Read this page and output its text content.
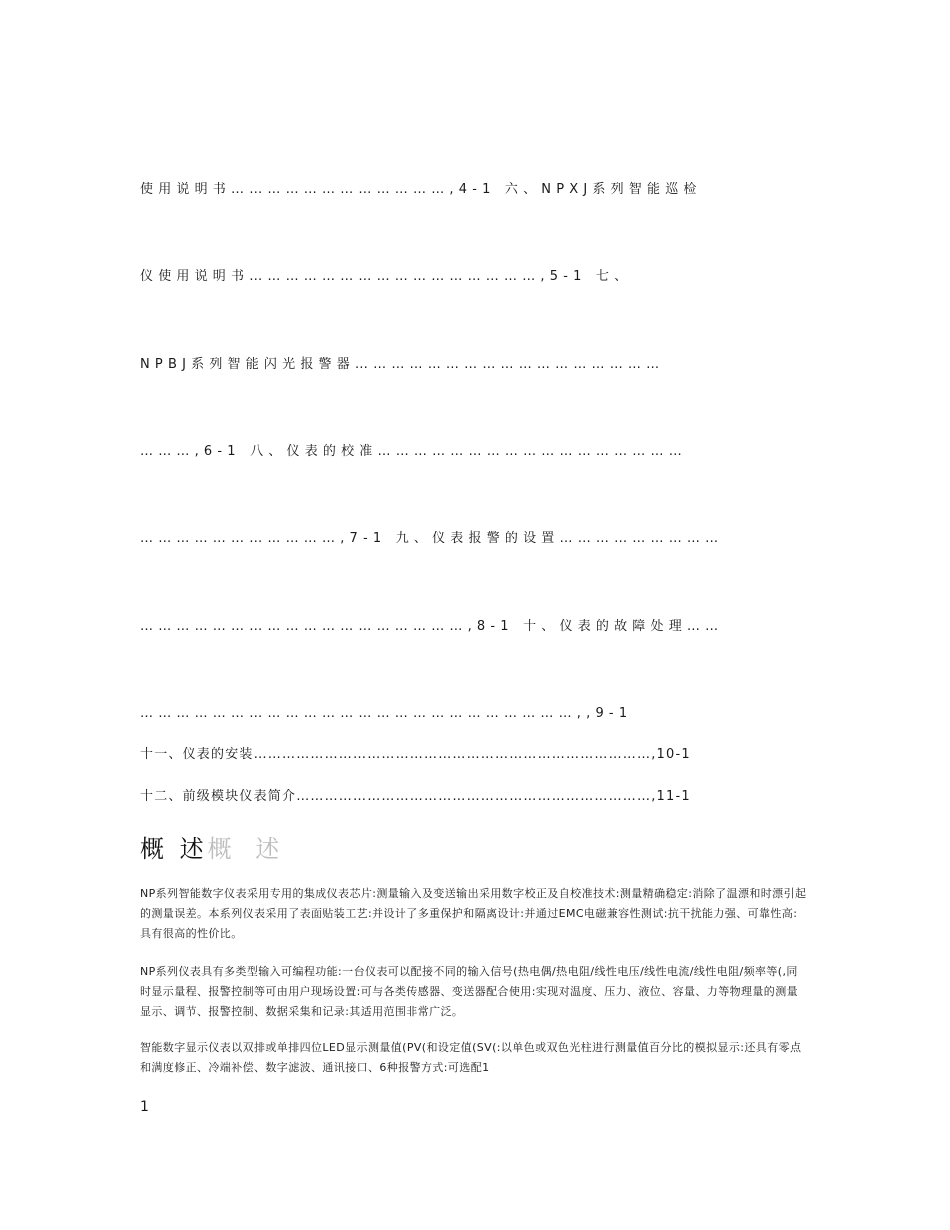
使用说明书………………………………,4-1 六、NPXJ系列智能巡检
仪使用说明书…………………………………………,5-1 七、
NPBJ系列智能闪光报警器……………………………………………
………,6-1 八、仪表的校准……………………………………………
……………………………,7-1 九、仪表报警的设置………………………
………………………………………………,8-1 十、仪表的故障处理……
………………………………………………………………,,9-1
十一、仪表的安装…………………………………………………………………………,10-1
十二、前级模块仪表简介…………………………………………………………………,11-1
概 述概 述
NP系列智能数字仪表采用专用的集成仪表芯片:测量输入及变送输出采用数字校正及自校准技术:测量精确稳定:消除了温漂和时漂引起的测量误差。本系列仪表采用了表面贴装工艺:并设计了多重保护和隔离设计:并通过EMC电磁兼容性测试:抗干扰能力强、可靠性高:具有很高的性价比。
NP系列仪表具有多类型输入可编程功能:一台仪表可以配接不同的输入信号(热电偶/热电阻/线性电压/线性电流/线性电阻/频率等(,同时显示量程、报警控制等可由用户现场设置:可与各类传感器、变送器配合使用:实现对温度、压力、液位、容量、力等物理量的测量显示、调节、报警控制、数据采集和记录:其适用范围非常广泛。
智能数字显示仪表以双排或单排四位LED显示测量值(PV(和设定值(SV(:以单色或双色光柱进行测量值百分比的模拟显示:还具有零点和满度修正、冷端补偿、数字滤波、通讯接口、6种报警方式:可选配1
1
